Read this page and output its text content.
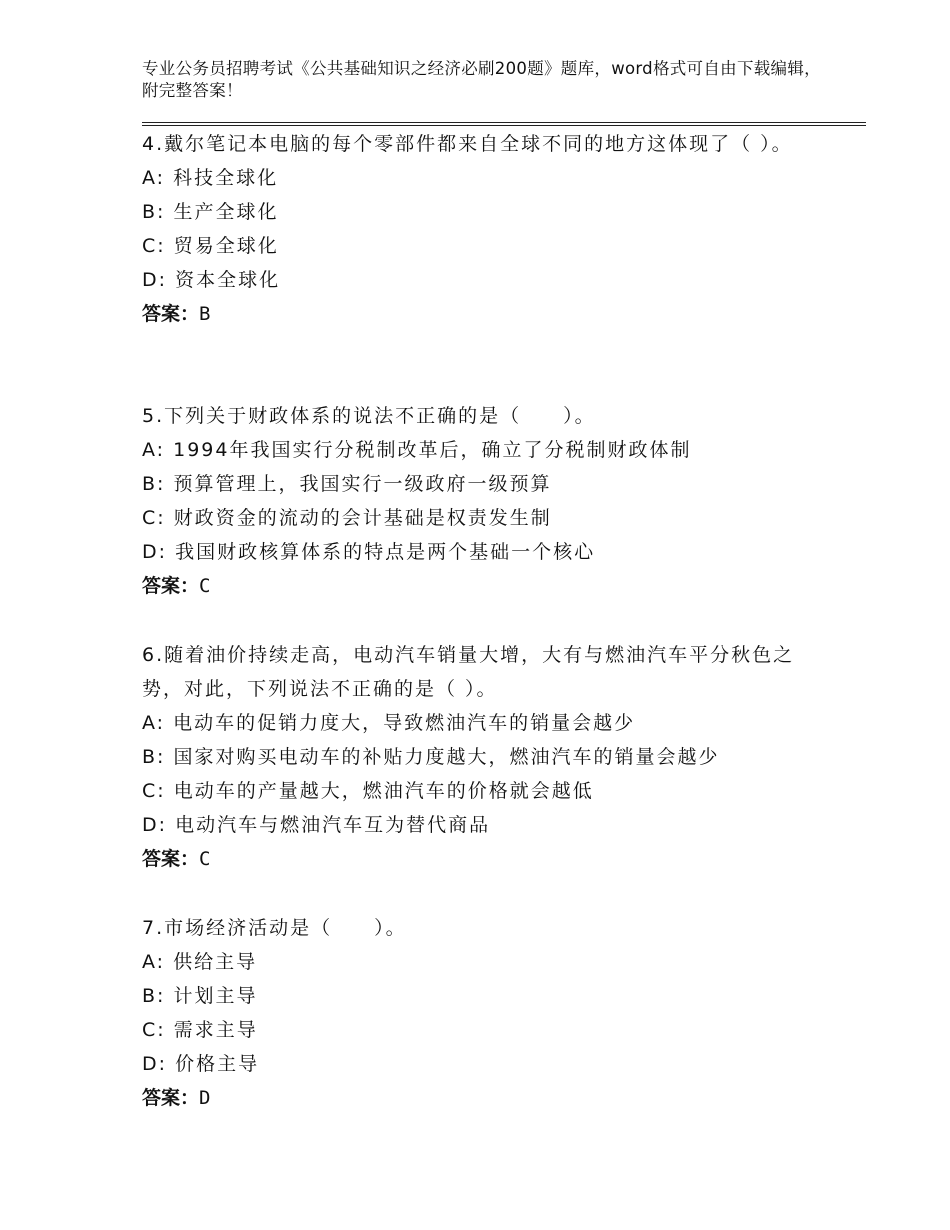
专业公务员招聘考试《公共基础知识之经济必刷200题》题库，word格式可自由下载编辑，附完整答案！

4.戴尔笔记本电脑的每个零部件都来自全球不同的地方这体现了（ ）。

A: 科技全球化
B: 生产全球化
C: 贸易全球化
D: 资本全球化
答案：B

5.下列关于财政体系的说法不正确的是（　　）。

A: 1994年我国实行分税制改革后，确立了分税制财政体制
B: 预算管理上，我国实行一级政府一级预算
C: 财政资金的流动的会计基础是权责发生制
D: 我国财政核算体系的特点是两个基础一个核心
答案：C

6.随着油价持续走高，电动汽车销量大增，大有与燃油汽车平分秋色之势，对此，下列说法不正确的是（ ）。

A: 电动车的促销力度大，导致燃油汽车的销量会越少
B: 国家对购买电动车的补贴力度越大，燃油汽车的销量会越少
C: 电动车的产量越大，燃油汽车的价格就会越低
D: 电动汽车与燃油汽车互为替代商品
答案：C

7.市场经济活动是（　　）。

A: 供给主导
B: 计划主导
C: 需求主导
D: 价格主导
答案：D
